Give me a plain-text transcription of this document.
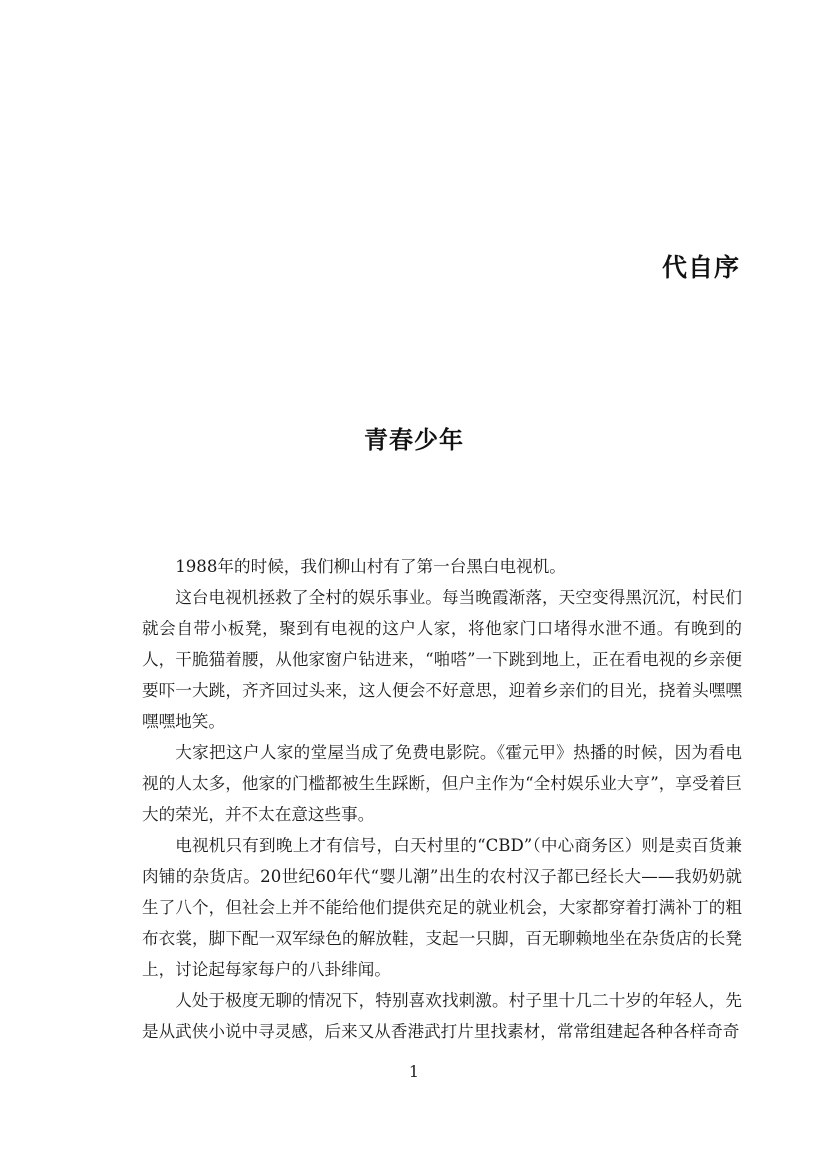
代自序
青春少年

1988年的时候，我们柳山村有了第一台黑白电视机。

这台电视机拯救了全村的娱乐事业。每当晚霞渐落，天空变得黑沉沉，村民们就会自带小板凳，聚到有电视的这户人家，将他家门口堵得水泄不通。有晚到的人，干脆猫着腰，从他家窗户钻进来，“啪嗒”一下跳到地上，正在看电视的乡亲便要吓一大跳，齐齐回过头来，这人便会不好意思，迎着乡亲们的目光，挠着头嘿嘿嘿嘿地笑。

大家把这户人家的堂屋当成了免费电影院。《霍元甲》热播的时候，因为看电视的人太多，他家的门槛都被生生踩断，但户主作为“全村娱乐业大亨”，享受着巨大的荣光，并不太在意这些事。

电视机只有到晚上才有信号，白天村里的“CBD”（中心商务区）则是卖百货兼肉铺的杂货店。20世纪60年代“婴儿潮”出生的农村汉子都已经长大——我奶奶就生了八个，但社会上并不能给他们提供充足的就业机会，大家都穿着打满补丁的粗布衣裳，脚下配一双军绿色的解放鞋，支起一只脚，百无聊赖地坐在杂货店的长凳上，讨论起每家每户的八卦绯闻。

人处于极度无聊的情况下，特别喜欢找刺激。村子里十几二十岁的年轻人，先是从武侠小说中寻灵感，后来又从香港武打片里找素材，常常组建起各种各样奇奇

1
